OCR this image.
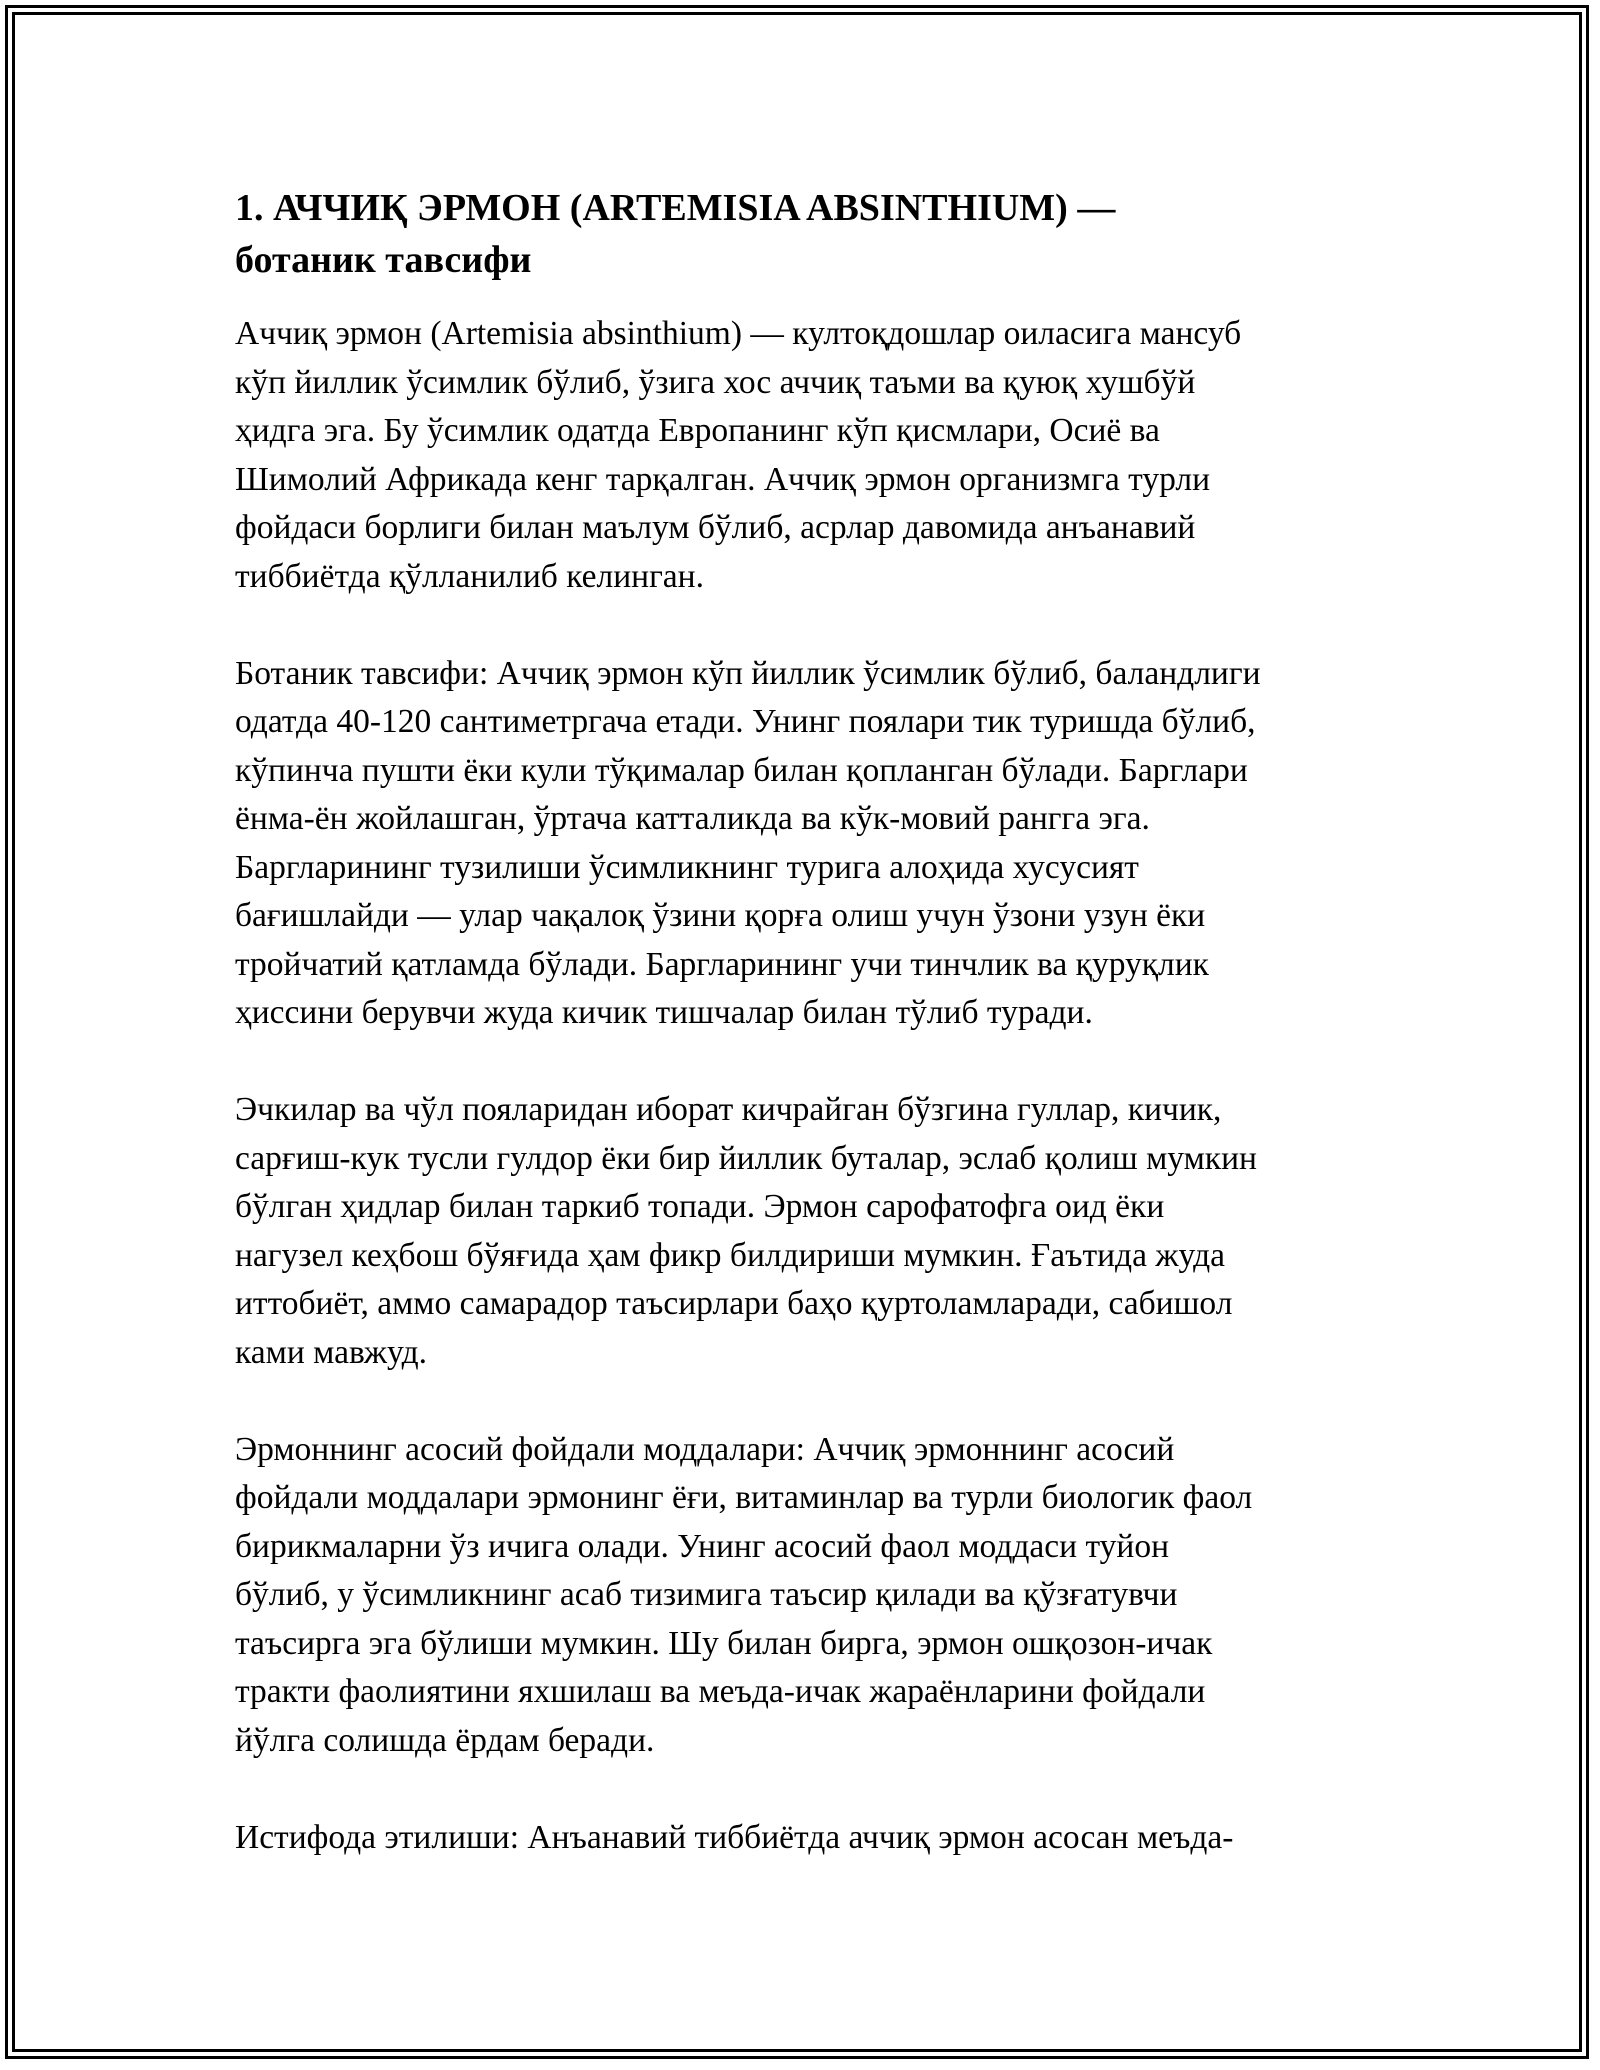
1. АЧЧИҚ ЭРМОН (ARTEMISIA ABSINTHIUM) —
ботаник тавсифи
Аччиқ эрмон (Artemisia absinthium) — култоқдошлар оиласига мансуб
кўп йиллик ўсимлик бўлиб, ўзига хос аччиқ таъми ва қуюқ хушбўй
ҳидга эга. Бу ўсимлик одатда Европанинг кўп қисмлари, Осиё ва
Шимолий Африкада кенг тарқалган. Аччиқ эрмон организмга турли
фойдаси борлиги билан маълум бўлиб, асрлар давомида анъанавий
тиббиётда қўлланилиб келинган.
Ботаник тавсифи: Аччиқ эрмон кўп йиллик ўсимлик бўлиб, баландлиги
одатда 40-120 сантиметргача етади. Унинг поялари тик туришда бўлиб,
кўпинча пушти ёки кули тўқималар билан қопланган бўлади. Барглари
ёнма-ён жойлашган, ўртача катталикда ва кўк-мовий рангга эга.
Баргларининг тузилиши ўсимликнинг турига алоҳида хусусият
бағишлайди — улар чақалоқ ўзини қорға олиш учун ўзони узун ёки
тройчатий қатламда бўлади. Баргларининг учи тинчлик ва қуруқлик
ҳиссини берувчи жуда кичик тишчалар билан тўлиб туради.
Эчкилар ва чўл пояларидан иборат кичрайган бўзгина гуллар, кичик,
сарғиш-кук тусли гулдор ёки бир йиллик буталар, эслаб қолиш мумкин
бўлган ҳидлар билан таркиб топади. Эрмон сарофатофга оид ёки
нагузел кеҳбош бўяғида ҳам фикр билдириши мумкин. Ғаътида жуда
иттобиёт, аммо самарадор таъсирлари баҳо қуртоламларади, сабишол
ками мавжуд.
Эрмоннинг асосий фойдали моддалари: Аччиқ эрмоннинг асосий
фойдали моддалари эрмонинг ёғи, витаминлар ва турли биологик фаол
бирикмаларни ўз ичига олади. Унинг асосий фаол моддаси туйон
бўлиб, у ўсимликнинг асаб тизимига таъсир қилади ва қўзғатувчи
таъсирга эга бўлиши мумкин. Шу билан бирга, эрмон ошқозон-ичак
тракти фаолиятини яхшилаш ва меъда-ичак жараёнларини фойдали
йўлга солишда ёрдам беради.
Истифода этилиши: Анъанавий тиббиётда аччиқ эрмон асосан меъда-
